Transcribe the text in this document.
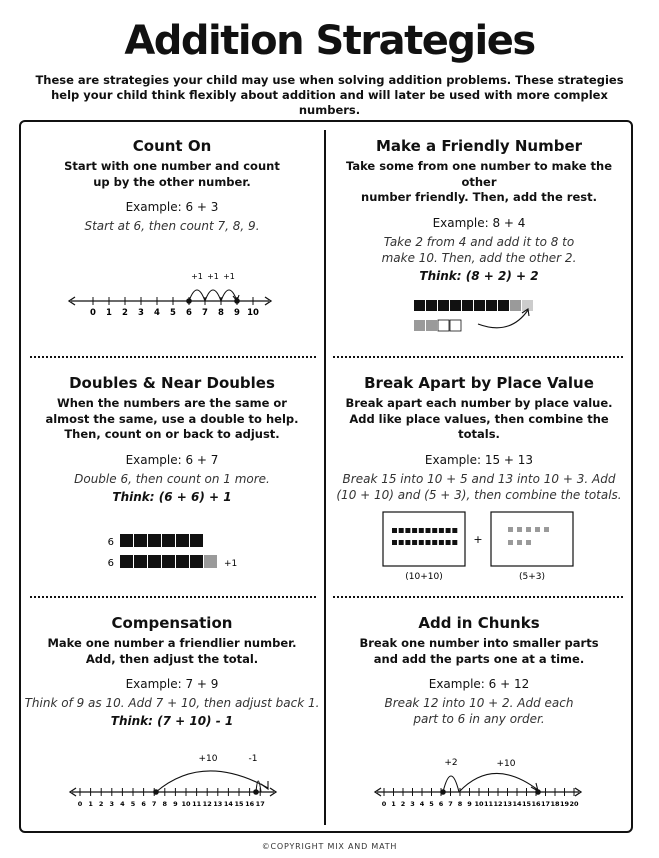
Addition Strategies
These are strategies your child may use when solving addition problems. These strategies help your child think flexibly about addition and will later be used with more complex numbers.
Count On
Start with one number and count
up by the other number.
Example: 6 + 3
Start at 6, then count 7, 8, 9.
0 1 2 3 4 5 6 7 8 9 10
+1 +1 +1
Make a Friendly Number
Take some from one number to make the other
number friendly. Then, add the rest.
Example: 8 + 4
Take 2 from 4 and add it to 8 to
make 10. Then, add the other 2.
Think: (8 + 2) + 2
Doubles & Near Doubles
When the numbers are the same or
almost the same, use a double to help.
Then, count on or back to adjust.
Example: 6 + 7
Double 6, then count on 1 more.
Think: (6 + 6) + 1
6
6	+1
Break Apart by Place Value
Break apart each number by place value.
Add like place values, then combine the totals.
Example: 15 + 13
Break 15 into 10 + 5 and 13 into 10 + 3. Add
(10 + 10) and (5 + 3), then combine the totals.
+
(10+10)	(5+3)
Compensation
Make one number a friendlier number.
Add, then adjust the total.
Example: 7 + 9
Think of 9 as 10. Add 7 + 10, then adjust back 1.
Think: (7 + 10) - 1
0 1 2 3 4 5 6 7 8 9 10 11 12 13 14 15 16 17
+10	-1
Add in Chunks
Break one number into smaller parts
and add the parts one at a time.
Example: 6 + 12
Break 12 into 10 + 2. Add each
part to 6 in any order.
0 1 2 3 4 5 6 7 8 9 10 11 12 13 14 15 16 17 18 19 20
+2	+10
©COPYRIGHT MIX AND MATH
